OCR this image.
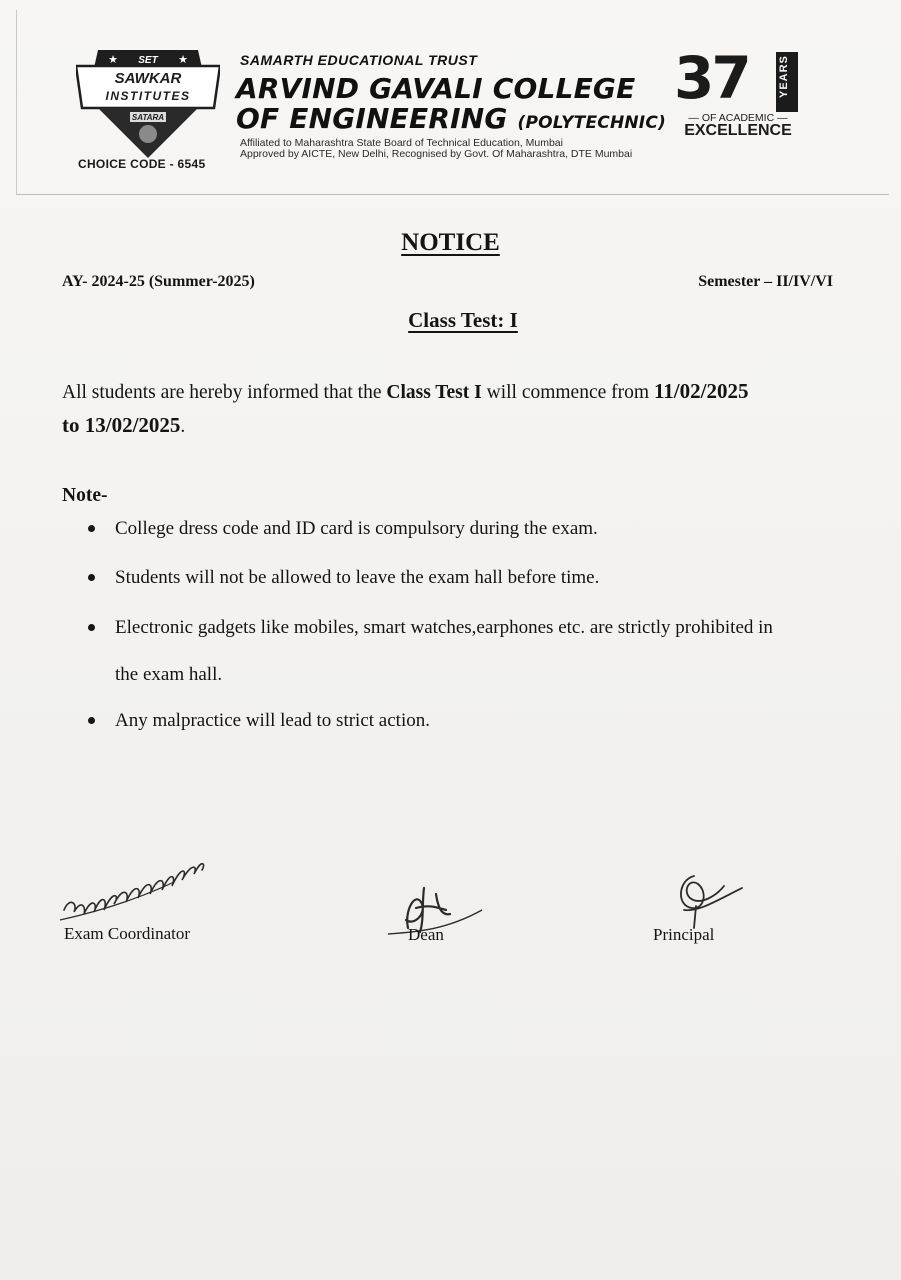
SET
★	★
SAWKAR
INSTITUTES
SATARA
CHOICE CODE - 6545
SAMARTH EDUCATIONAL TRUST
ARVIND GAVALI COLLEGE
OF ENGINEERING (POLYTECHNIC)
Affiliated to Maharashtra State Board of Technical Education, Mumbai
Approved by AICTE, New Delhi, Recognised by Govt. Of Maharashtra, DTE Mumbai
37	YEARS
— OF ACADEMIC —
EXCELLENCE
NOTICE
AY- 2024-25 (Summer-2025)	Semester – II/IV/VI
Class Test: I
All students are hereby informed that the Class Test I will commence from 11/02/2025
to 13/02/2025.
Note-
College dress code and ID card is compulsory during the exam.
Students will not be allowed to leave the exam hall before time.
Electronic gadgets like mobiles, smart watches,earphones etc. are strictly prohibited in
the exam hall.
Any malpractice will lead to strict action.
Exam Coordinator	Dean	Principal
